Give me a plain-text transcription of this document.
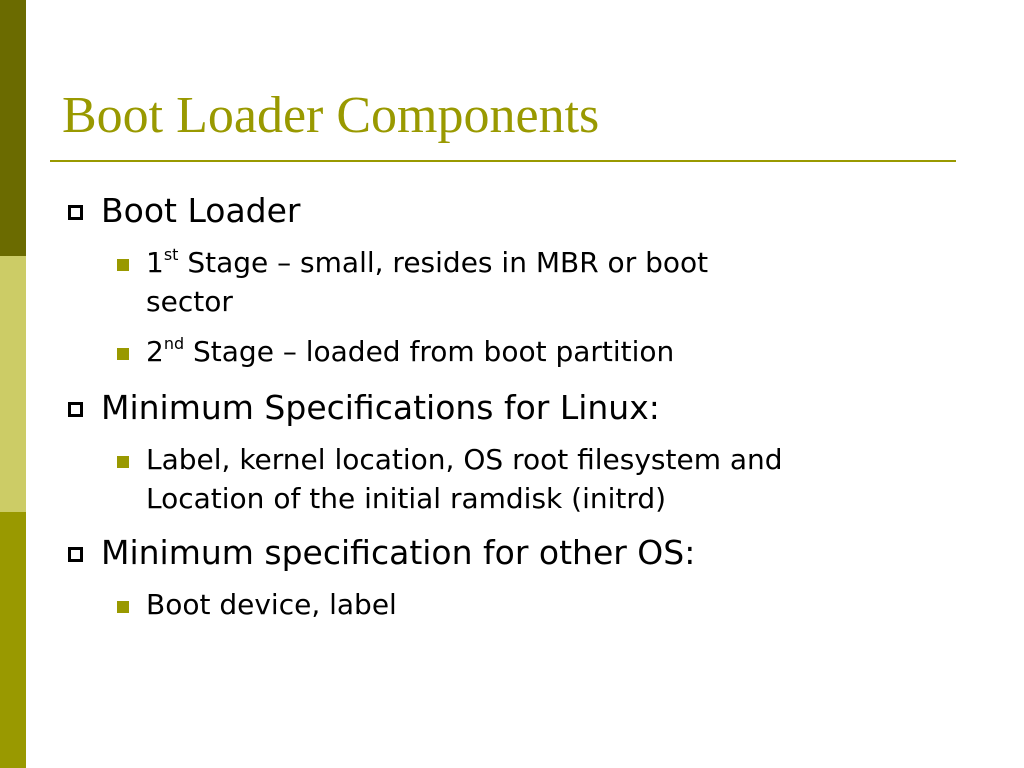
Boot Loader Components
Boot Loader
1st Stage – small, resides in MBR or boot
sector
2nd Stage – loaded from boot partition
Minimum Specifications for Linux:
Label, kernel location, OS root filesystem and
Location of the initial ramdisk (initrd)
Minimum specification for other OS:
Boot device, label
